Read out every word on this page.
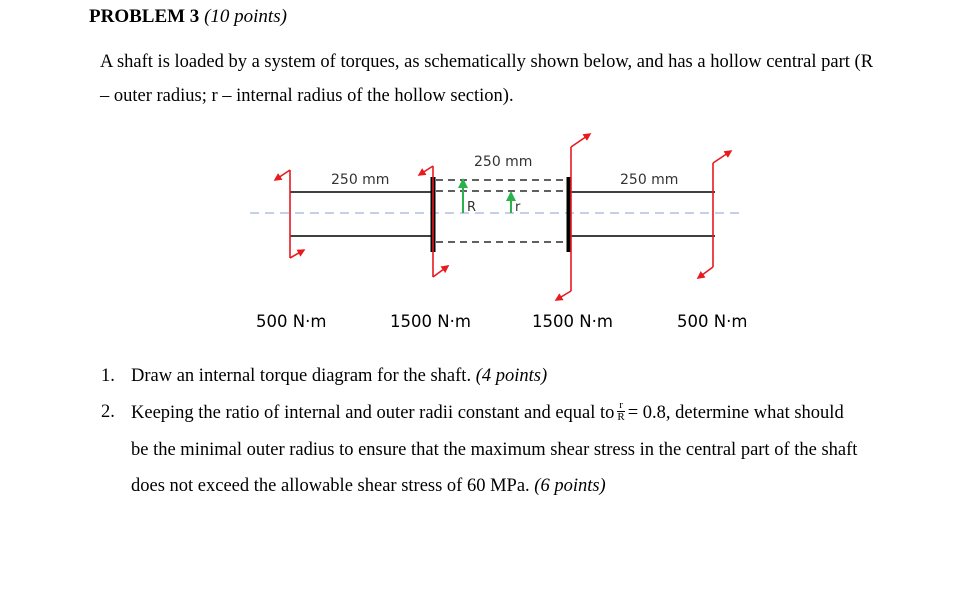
PROBLEM 3 (10 points)
A shaft is loaded by a system of torques, as schematically shown below, and has a hollow central part (R
– outer radius; r – internal radius of the hollow section).
250 mm
250 mm
250 mm
R	r
500 N·m	1500 N·m	1500 N·m	500 N·m
1. Draw an internal torque diagram for the shaft. (4 points)
2. Keeping the ratio of internal and outer radii constant and equal to $\frac{r}{R} = 0.8$, determine what should
be the minimal outer radius to ensure that the maximum shear stress in the central part of the shaft
does not exceed the allowable shear stress of 60 MPa. (6 points)
